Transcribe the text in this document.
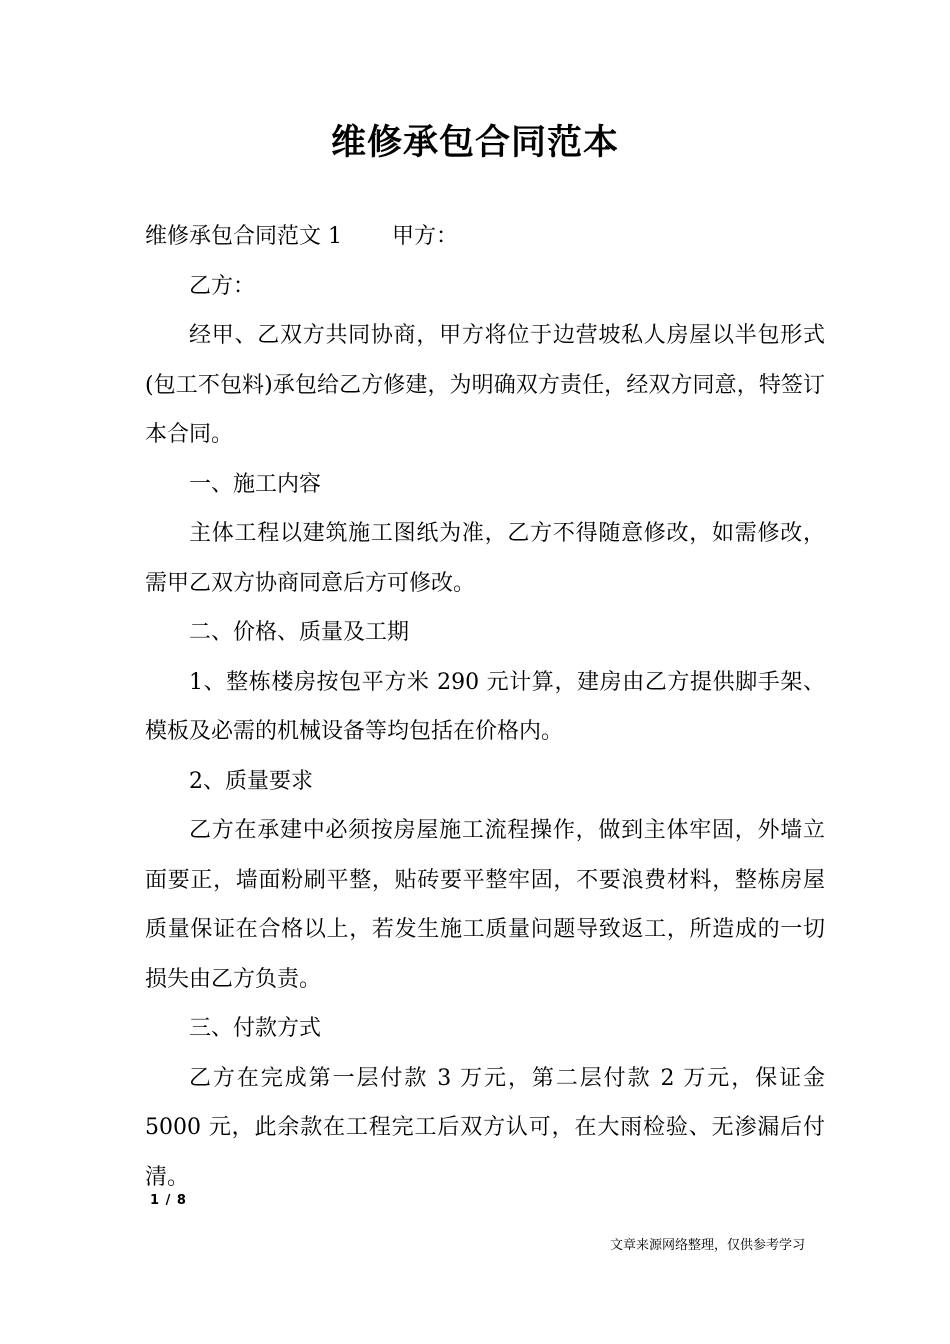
维修承包合同范本

维修承包合同范文 1 甲方：

乙方：

经甲、乙双方共同协商，甲方将位于边营坡私人房屋以半包形式(包工不包料)承包给乙方修建，为明确双方责任，经双方同意，特签订本合同。

一、施工内容

主体工程以建筑施工图纸为准，乙方不得随意修改，如需修改，需甲乙双方协商同意后方可修改。

二、价格、质量及工期

1、整栋楼房按包平方米 290 元计算，建房由乙方提供脚手架、模板及必需的机械设备等均包括在价格内。

2、质量要求

乙方在承建中必须按房屋施工流程操作，做到主体牢固，外墙立面要正，墙面粉刷平整，贴砖要平整牢固，不要浪费材料，整栋房屋质量保证在合格以上，若发生施工质量问题导致返工，所造成的一切损失由乙方负责。

三、付款方式

乙方在完成第一层付款 3 万元，第二层付款 2 万元，保证金 5000 元，此余款在工程完工后双方认可，在大雨检验、无渗漏后付清。

1 / 8
文章来源网络整理，仅供参考学习
